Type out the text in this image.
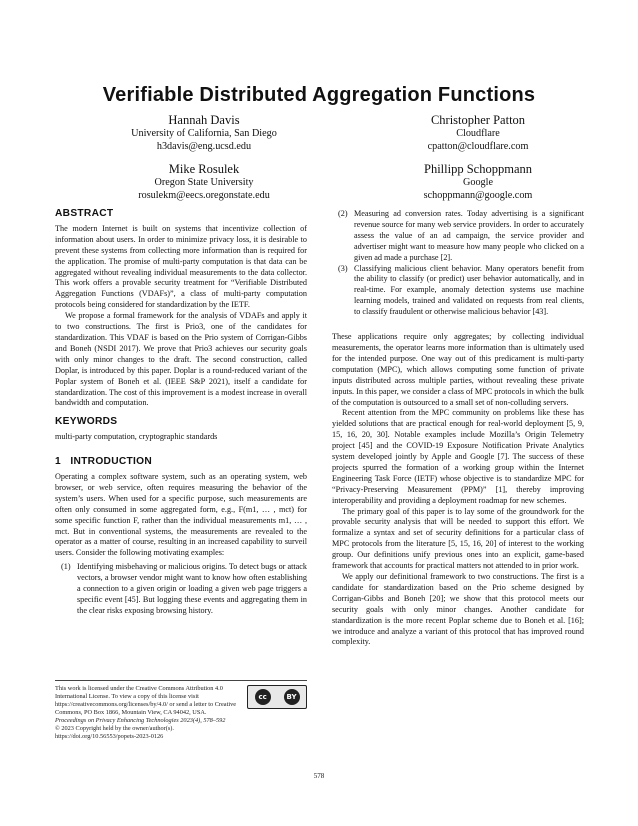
Verifiable Distributed Aggregation Functions
Hannah Davis
University of California, San Diego
h3davis@eng.ucsd.edu
Christopher Patton
Cloudflare
cpatton@cloudflare.com
Mike Rosulek
Oregon State University
rosulekm@eecs.oregonstate.edu
Phillipp Schoppmann
Google
schoppmann@google.com
ABSTRACT

The modern Internet is built on systems that incentivize collection of information about users. In order to minimize privacy loss, it is desirable to prevent these systems from collecting more information than is required for the application. The promise of multi-party computation is that data can be aggregated without revealing individual measurements to the data collector. This work offers a provable security treatment for “Verifiable Distributed Aggregation Functions (VDAFs)”, a class of multi-party computation protocols being considered for standardization by the IETF.

We propose a formal framework for the analysis of VDAFs and apply it to two constructions. The first is Prio3, one of the candidates for standardization. This VDAF is based on the Prio system of Corrigan-Gibbs and Boneh (NSDI 2017). We prove that Prio3 achieves our security goals with only minor changes to the draft. The second construction, called Doplar, is introduced by this paper. Doplar is a round-reduced variant of the Poplar system of Boneh et al. (IEEE S&P 2021), itself a candidate for standardization. The cost of this improvement is a modest increase in overall bandwidth and computation.

KEYWORDS

multi-party computation, cryptographic standards

1   INTRODUCTION

Operating a complex software system, such as an operating system, web browser, or web service, often requires measuring the behavior of the system’s users. When used for a specific purpose, such measurements are often only consumed in some aggregated form, e.g., F(m1, … , mct) for some specific function F, rather than the individual measurements m1, … , mct. But in conventional systems, the measurements are revealed to the operator as a matter of course, resulting in an increased capability to surveil users. Consider the following motivating examples:

(1) Identifying misbehaving or malicious origins. To detect bugs or attack vectors, a browser vendor might want to know how often establishing a connection to a given origin or loading a given web page triggers a specific event [45]. But logging these events and aggregating them in the clear risks exposing browsing history.
This work is licensed under the Creative Commons Attribution 4.0 International License. To view a copy of this license visit https://creativecommons.org/licenses/by/4.0/ or send a letter to Creative Commons, PO Box 1866, Mountain View, CA 94042, USA.
cc	BY
Proceedings on Privacy Enhancing Technologies 2023(4), 578–592
© 2023 Copyright held by the owner/author(s).
https://doi.org/10.56553/popets-2023-0126
(2) Measuring ad conversion rates. Today advertising is a significant revenue source for many web service providers. In order to accurately assess the value of an ad campaign, the service provider and advertiser might want to measure how many people who clicked on a given ad made a purchase [2].
(3) Classifying malicious client behavior. Many operators benefit from the ability to classify (or predict) user behavior automatically, and in real-time. For example, anomaly detection systems use machine learning models, trained and validated on requests from real clients, to classify fraudulent or otherwise malicious behavior [43].

These applications require only aggregates; by collecting individual measurements, the operator learns more information than is ultimately used for the intended purpose. One way out of this predicament is multi-party computation (MPC), which allows computing some function of private inputs distributed across multiple parties, without revealing these private inputs. In this paper, we consider a class of MPC protocols in which the bulk of the computation is outsourced to a small set of non-colluding servers.

Recent attention from the MPC community on problems like these has yielded solutions that are practical enough for real-world deployment [5, 9, 15, 16, 20, 30]. Notable examples include Mozilla’s Origin Telemetry project [45] and the COVID-19 Exposure Notification Private Analytics system developed jointly by Apple and Google [7]. The success of these projects spurred the formation of a working group within the Internet Engineering Task Force (IETF) whose objective is to standardize MPC for “Privacy-Preserving Measurement (PPM)” [1], thereby improving interoperability and providing a deployment roadmap for new schemes.

The primary goal of this paper is to lay some of the groundwork for the provable security analysis that will be needed to support this effort. We formalize a syntax and set of security definitions for a particular class of MPC protocols from the literature [5, 15, 16, 20] of interest to the working group. Our definitions unify previous ones into an explicit, game-based framework that accounts for practical matters not attended to in prior work.

We apply our definitional framework to two constructions. The first is a candidate for standardization based on the Prio scheme designed by Corrigan-Gibbs and Boneh [20]; we show that this protocol meets our security goals with only minor changes. Another candidate for standardization is the more recent Poplar scheme due to Boneh et al. [16]; we introduce and analyze a variant of this protocol that has improved round complexity.

578
